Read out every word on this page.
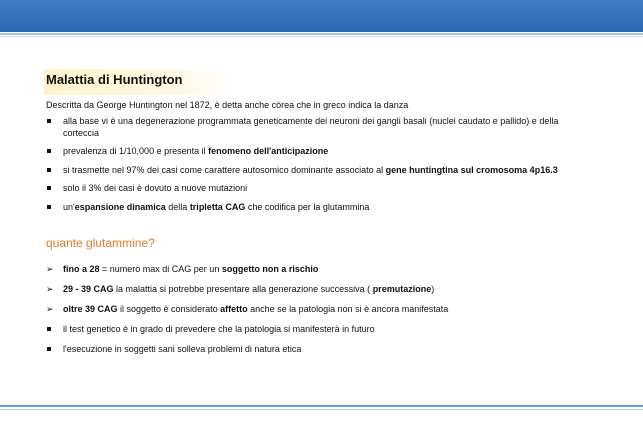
Malattia di Huntington
Descritta da George Huntington nel 1872, è detta anche còrea che in greco indica la danza
alla base vi è una degenerazione programmata geneticamente dei neuroni dei gangli basali (nuclei caudato e pallido) e della corteccia
prevalenza di 1/10,000 e presenta il fenomeno dell'anticipazione
si trasmette nel 97% dei casi come carattere autosomico dominante associato al gene huntingtina sul cromosoma 4p16.3
solo il 3% dei casi è dovuto a nuove mutazioni
un'espansione dinamica della tripletta CAG che codifica per la glutammina
quante glutammine?
➢ fino a 28 = numero max di CAG per un soggetto non a rischio
➢ 29 - 39 CAG la malattia si potrebbe presentare alla generazione successiva ( premutazione)
➢ oltre 39 CAG il soggetto è considerato affetto anche se la patologia non si è ancora manifestata
il test genetico è in grado di prevedere che la patologia si manifesterà in futuro
l'esecuzione in soggetti sani solleva problemi di natura etica
